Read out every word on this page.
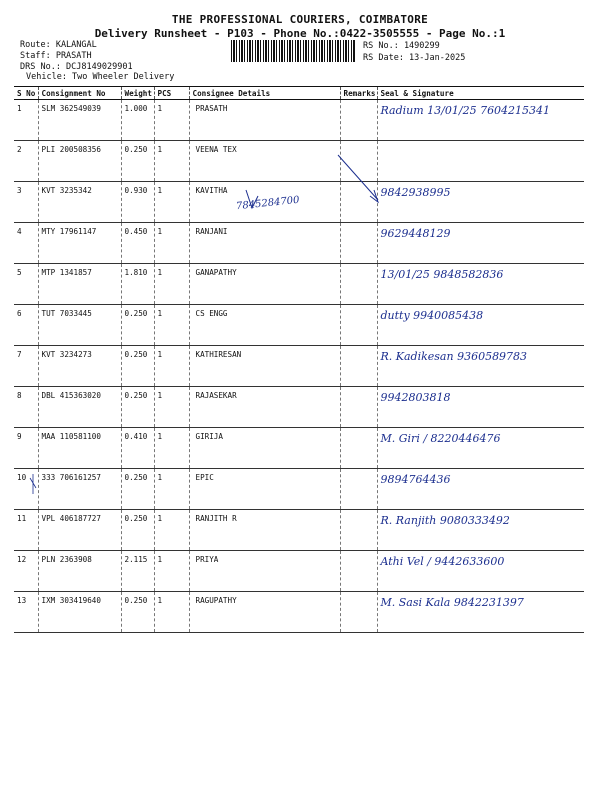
THE PROFESSIONAL COURIERS, COIMBATORE
Delivery Runsheet - P103 - Phone No.:0422-3505555 - Page No.:1
Route: KALANGAL
Staff: PRASATH
DRS No.: DCJ8149029901
Vehicle: Two Wheeler Delivery
RS No.: 1490299
RS Date: 13-Jan-2025
S No	Consignment No	Weight	PCS	Consignee Details	Remarks	Seal & Signature
1	SLM 362549039	1.000	1	PRASATH		Radium 13/01/25 7604215341

2	PLI 200508356	0.250	1	VEENA TEX		

3	KVT 3235342	0.930	1	KAVITHA		9842938995

4	MTY 17961147	0.450	1	RANJANI		9629448129

5	MTP 1341857	1.810	1	GANAPATHY		13/01/25 9848582836

6	TUT 7033445	0.250	1	CS ENGG		dutty 9940085438

7	KVT 3234273	0.250	1	KATHIRESAN		R. Kadikesan 9360589783

8	DBL 415363020	0.250	1	RAJASEKAR		9942803818

9	MAA 110581100	0.410	1	GIRIJA		M. Giri / 8220446476

10	333 706161257	0.250	1	EPIC		9894764436

11	VPL 406187727	0.250	1	RANJITH R		R. Ranjith 9080333492

12	PLN 2363908	2.115	1	PRIYA		Athi Vel / 9442633600

13	IXM 303419640	0.250	1	RAGUPATHY		M. Sasi Kala 9842231397
7845284700
